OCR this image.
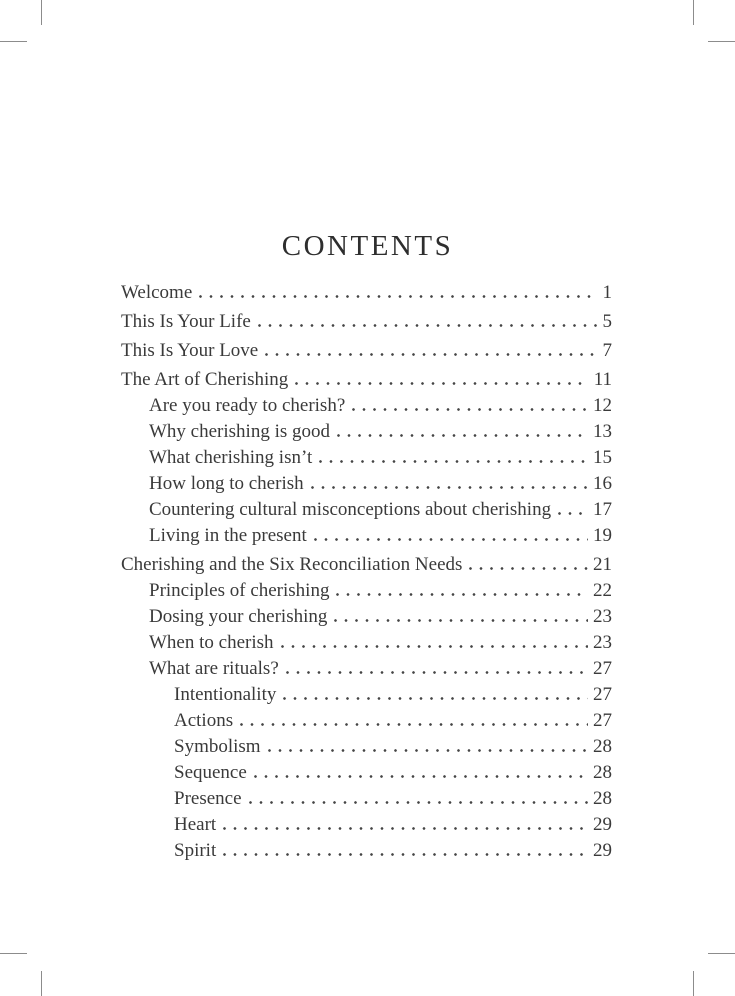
CONTENTS
Welcome	1
This Is Your Life	5
This Is Your Love	7
The Art of Cherishing	11
Are you ready to cherish?	12
Why cherishing is good	13
What cherishing isn’t	15
How long to cherish	16
Countering cultural misconceptions about cherishing 17
Living in the present	19
Cherishing and the Six Reconciliation Needs	21
Principles of cherishing	22
Dosing your cherishing	23
When to cherish	23
What are rituals?	27
Intentionality	27
Actions	27
Symbolism	28
Sequence	28
Presence	28
Heart	29
Spirit	29
